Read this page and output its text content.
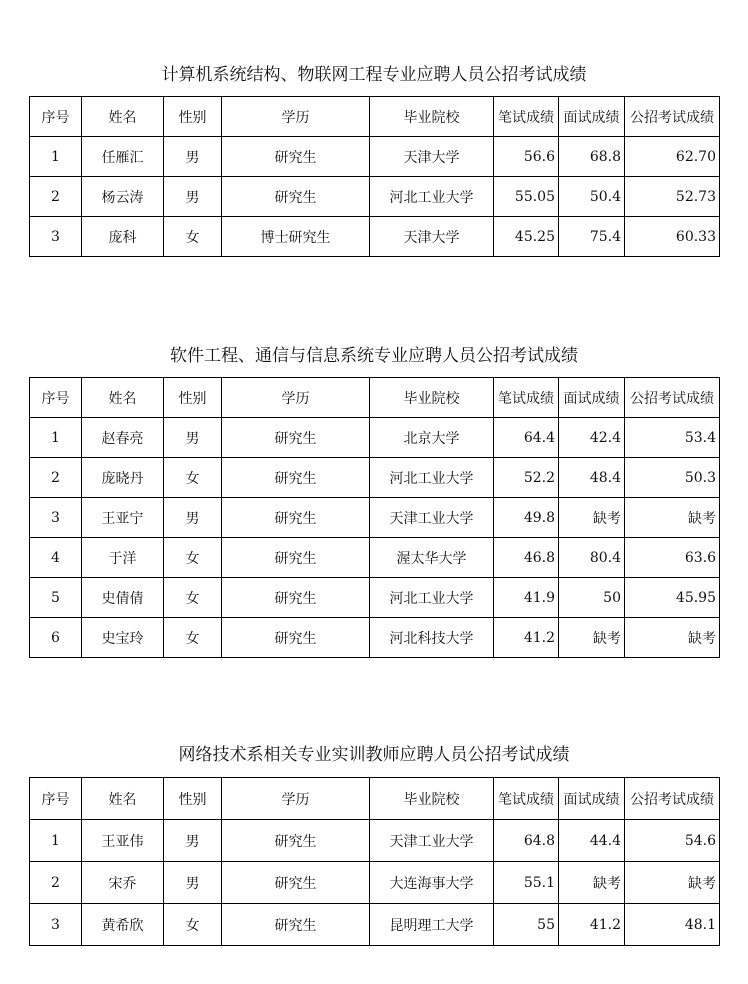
计算机系统结构、物联网工程专业应聘人员公招考试成绩
序号	姓名	性别	学历	毕业院校	笔试成绩	面试成绩	公招考试成绩
1	任雁汇	男	研究生	天津大学	56.6	68.8	62.70
2	杨云涛	男	研究生	河北工业大学	55.05	50.4	52.73
3	庞科	女	博士研究生	天津大学	45.25	75.4	60.33
软件工程、通信与信息系统专业应聘人员公招考试成绩
序号	姓名	性别	学历	毕业院校	笔试成绩	面试成绩	公招考试成绩
1	赵春亮	男	研究生	北京大学	64.4	42.4	53.4
2	庞晓丹	女	研究生	河北工业大学	52.2	48.4	50.3
3	王亚宁	男	研究生	天津工业大学	49.8	缺考	缺考
4	于洋	女	研究生	渥太华大学	46.8	80.4	63.6
5	史倩倩	女	研究生	河北工业大学	41.9	50	45.95
6	史宝玲	女	研究生	河北科技大学	41.2	缺考	缺考
网络技术系相关专业实训教师应聘人员公招考试成绩
序号	姓名	性别	学历	毕业院校	笔试成绩	面试成绩	公招考试成绩
1	王亚伟	男	研究生	天津工业大学	64.8	44.4	54.6
2	宋乔	男	研究生	大连海事大学	55.1	缺考	缺考
3	黄希欣	女	研究生	昆明理工大学	55	41.2	48.1
